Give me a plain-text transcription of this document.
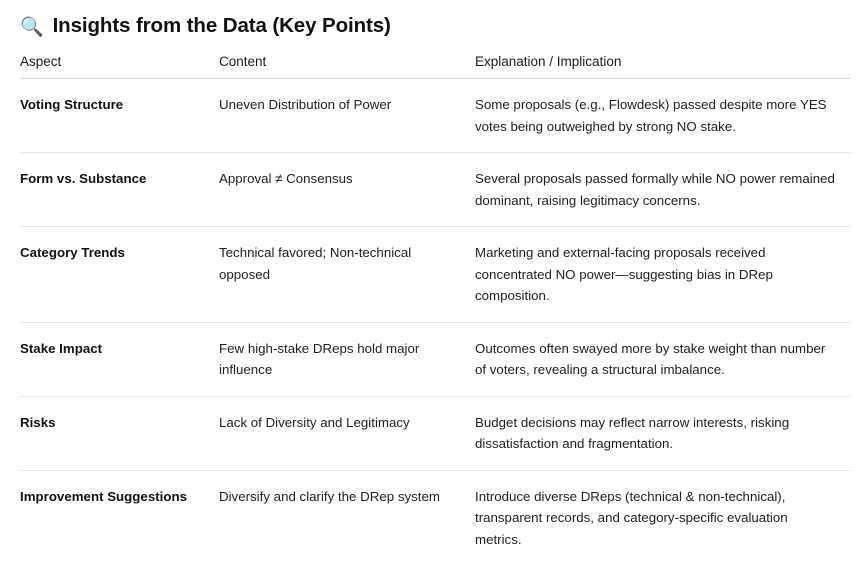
🔍 Insights from the Data (Key Points)
Aspect	Content	Explanation / Implication
Voting Structure	Uneven Distribution of Power	Some proposals (e.g., Flowdesk) passed despite more YES votes being outweighed by strong NO stake.
Form vs. Substance	Approval ≠ Consensus	Several proposals passed formally while NO power remained dominant, raising legitimacy concerns.
Category Trends	Technical favored; Non-technical opposed	Marketing and external-facing proposals received concentrated NO power—suggesting bias in DRep composition.
Stake Impact	Few high-stake DReps hold major influence	Outcomes often swayed more by stake weight than number of voters, revealing a structural imbalance.
Risks	Lack of Diversity and Legitimacy	Budget decisions may reflect narrow interests, risking dissatisfaction and fragmentation.
Improvement Suggestions	Diversify and clarify the DRep system	Introduce diverse DReps (technical & non-technical), transparent records, and category-specific evaluation metrics.
